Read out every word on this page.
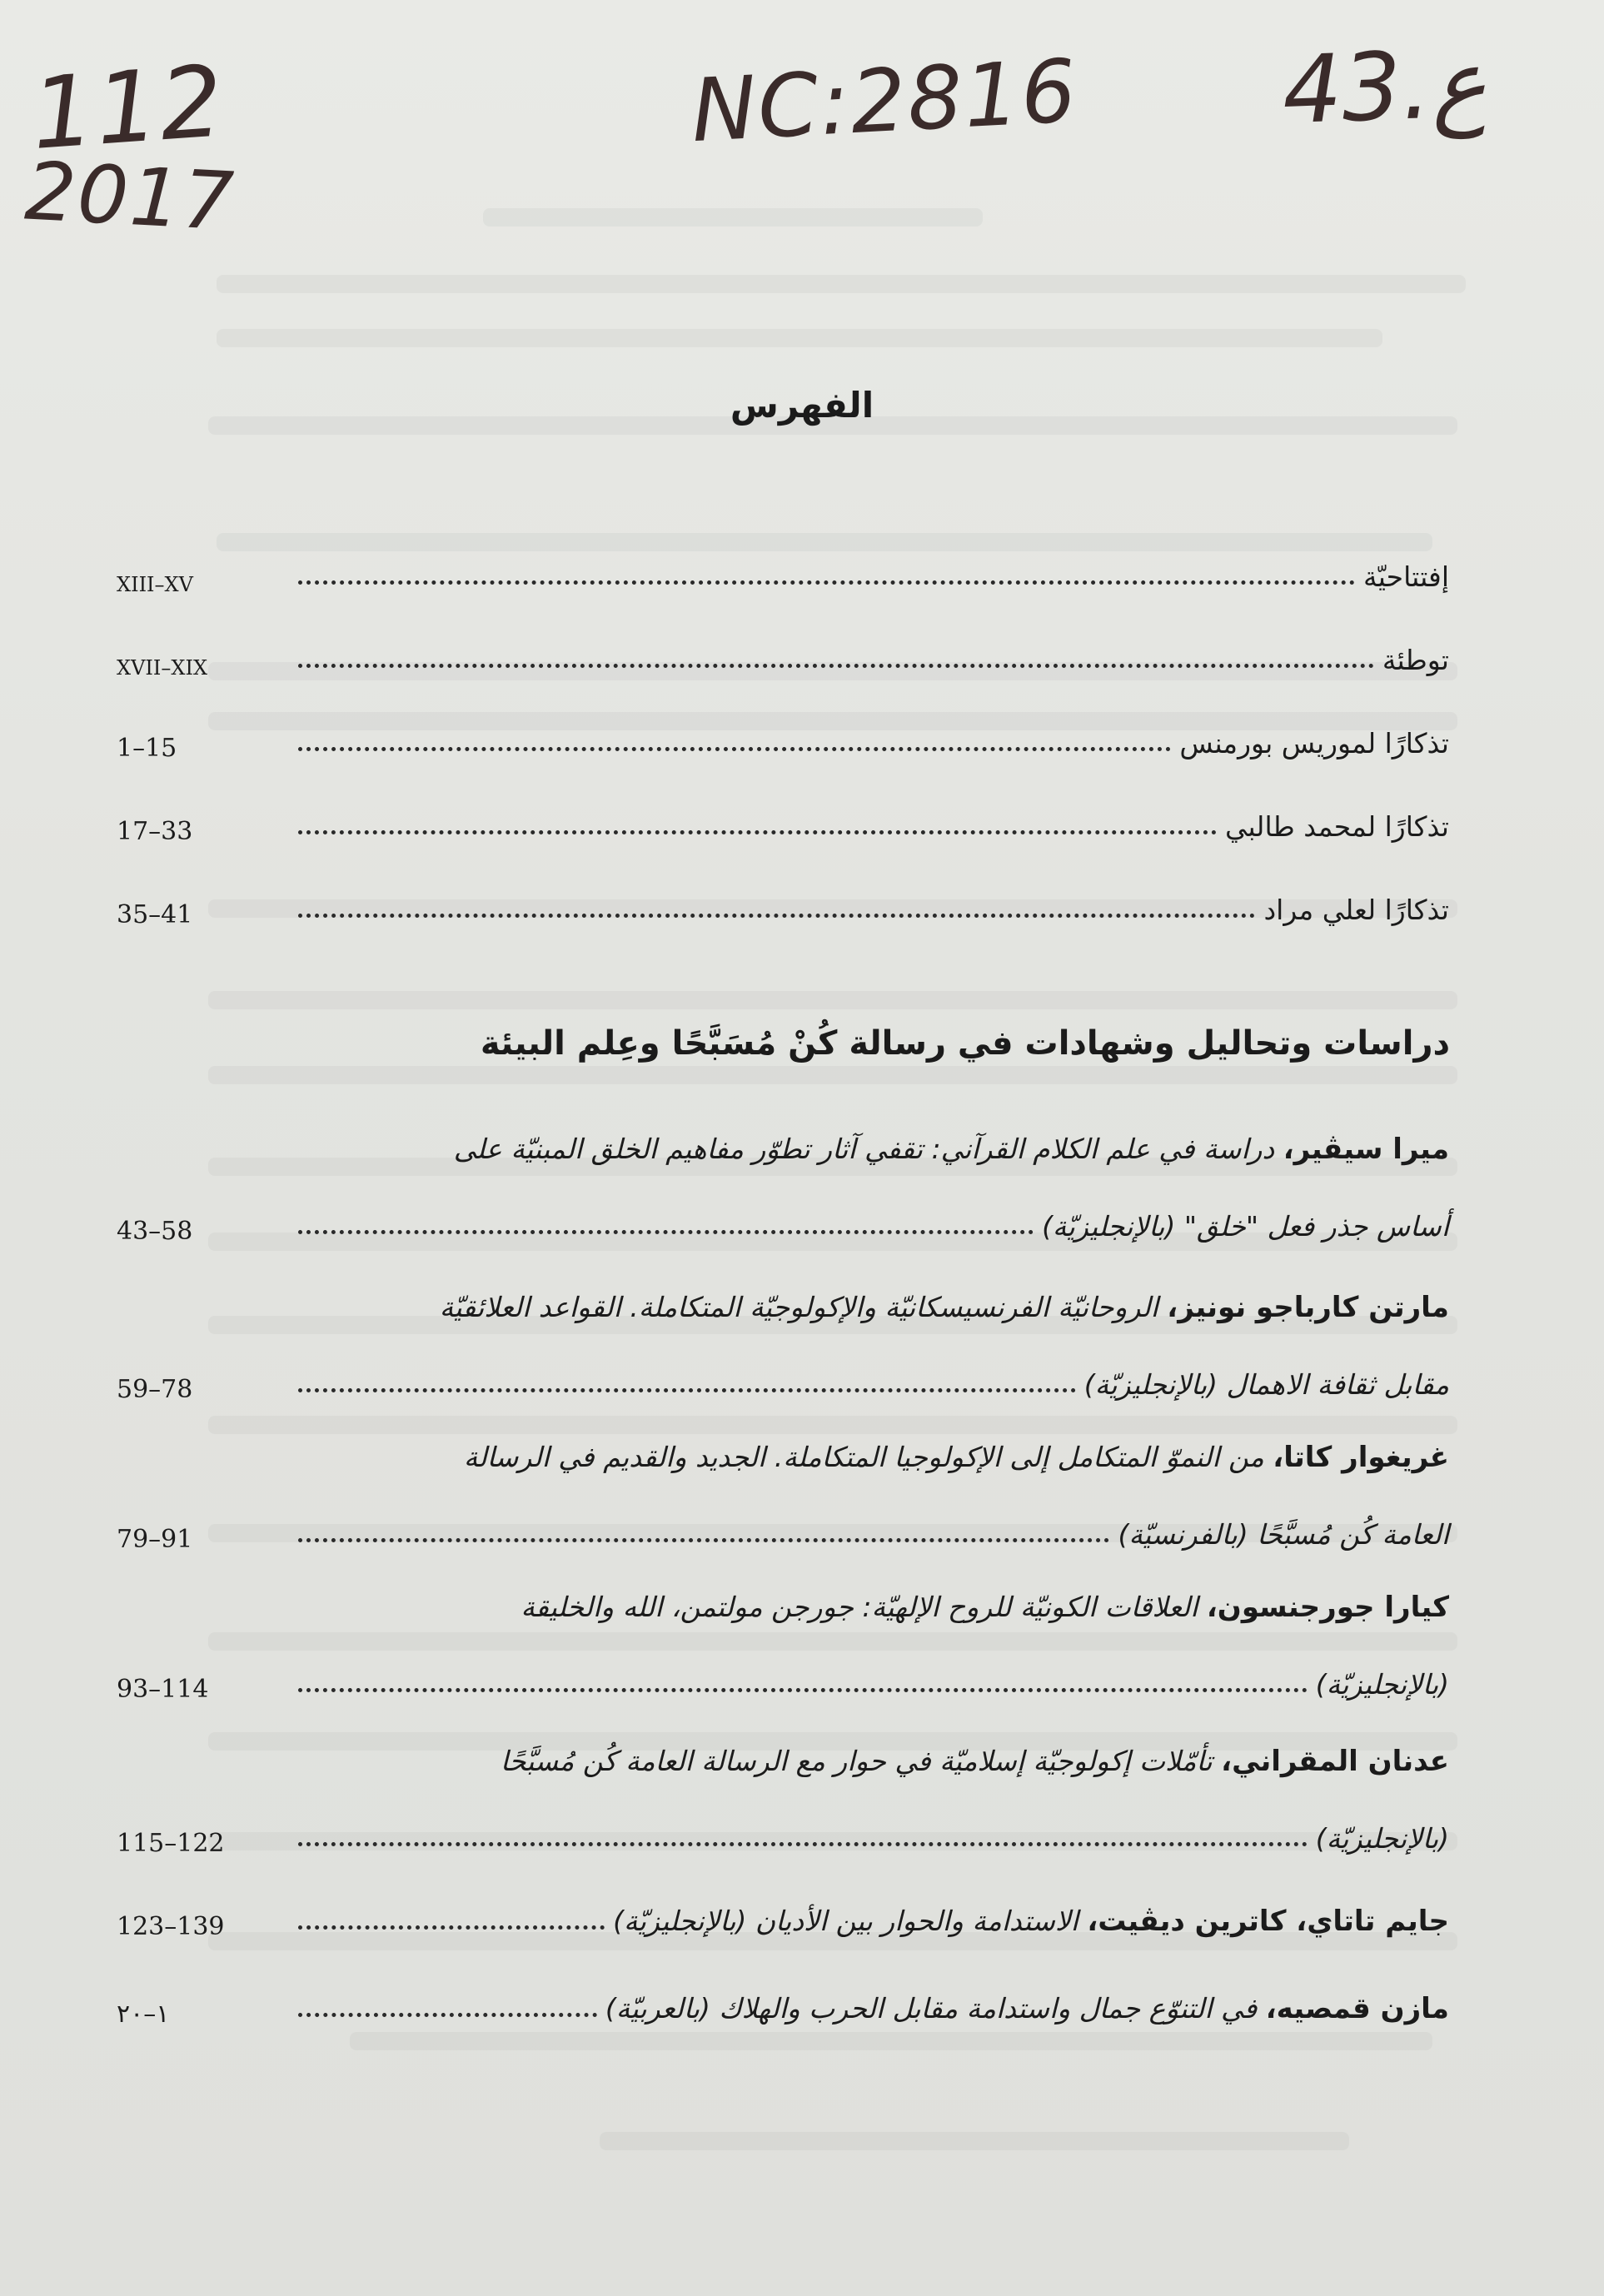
112
2017
NC:2816 43.ع
الفهرس
XIII–XV	إفتتاحيّة
XVII–XIX	توطئة
1–15	تذكارًا لموريس بورمنس
17–33	تذكارًا لمحمد طالبي
35–41	تذكارًا لعلي مراد
دراسات وتحاليل وشهادات في رسالة كُنْ مُسَبَّحًا وعِلم البيئة
ميرا سيڤير، دراسة في علم الكلام القرآني: تقفي آثار تطوّر مفاهيم الخلق المبنيّة على
43–58	أساس جذر فعل "خلق" (بالإنجليزيّة)
مارتن كارباجو نونيز، الروحانيّة الفرنسيسكانيّة والإكولوجيّة المتكاملة. القواعد العلائقيّة
59–78	مقابل ثقافة الاهمال (بالإنجليزيّة)
غريغوار كاتا، من النموّ المتكامل إلى الإكولوجيا المتكاملة. الجديد والقديم في الرسالة
79–91	العامة كُن مُسبَّحًا (بالفرنسيّة)
كيارا جورجنسون، العلاقات الكونيّة للروح الإلهيّة: جورجن مولتمن، الله والخليقة
93–114	(بالإنجليزيّة)
عدنان المقراني، تأمّلات إكولوجيّة إسلاميّة في حوار مع الرسالة العامة كُن مُسبَّحًا
115–122	(بالإنجليزيّة)
123–139	جايم تاتاي، كاترين ديڤيت، الاستدامة والحوار بين الأديان (بالإنجليزيّة)
١–٢٠	مازن قمصيه، في التنوّع جمال واستدامة مقابل الحرب والهلاك (بالعربيّة)
